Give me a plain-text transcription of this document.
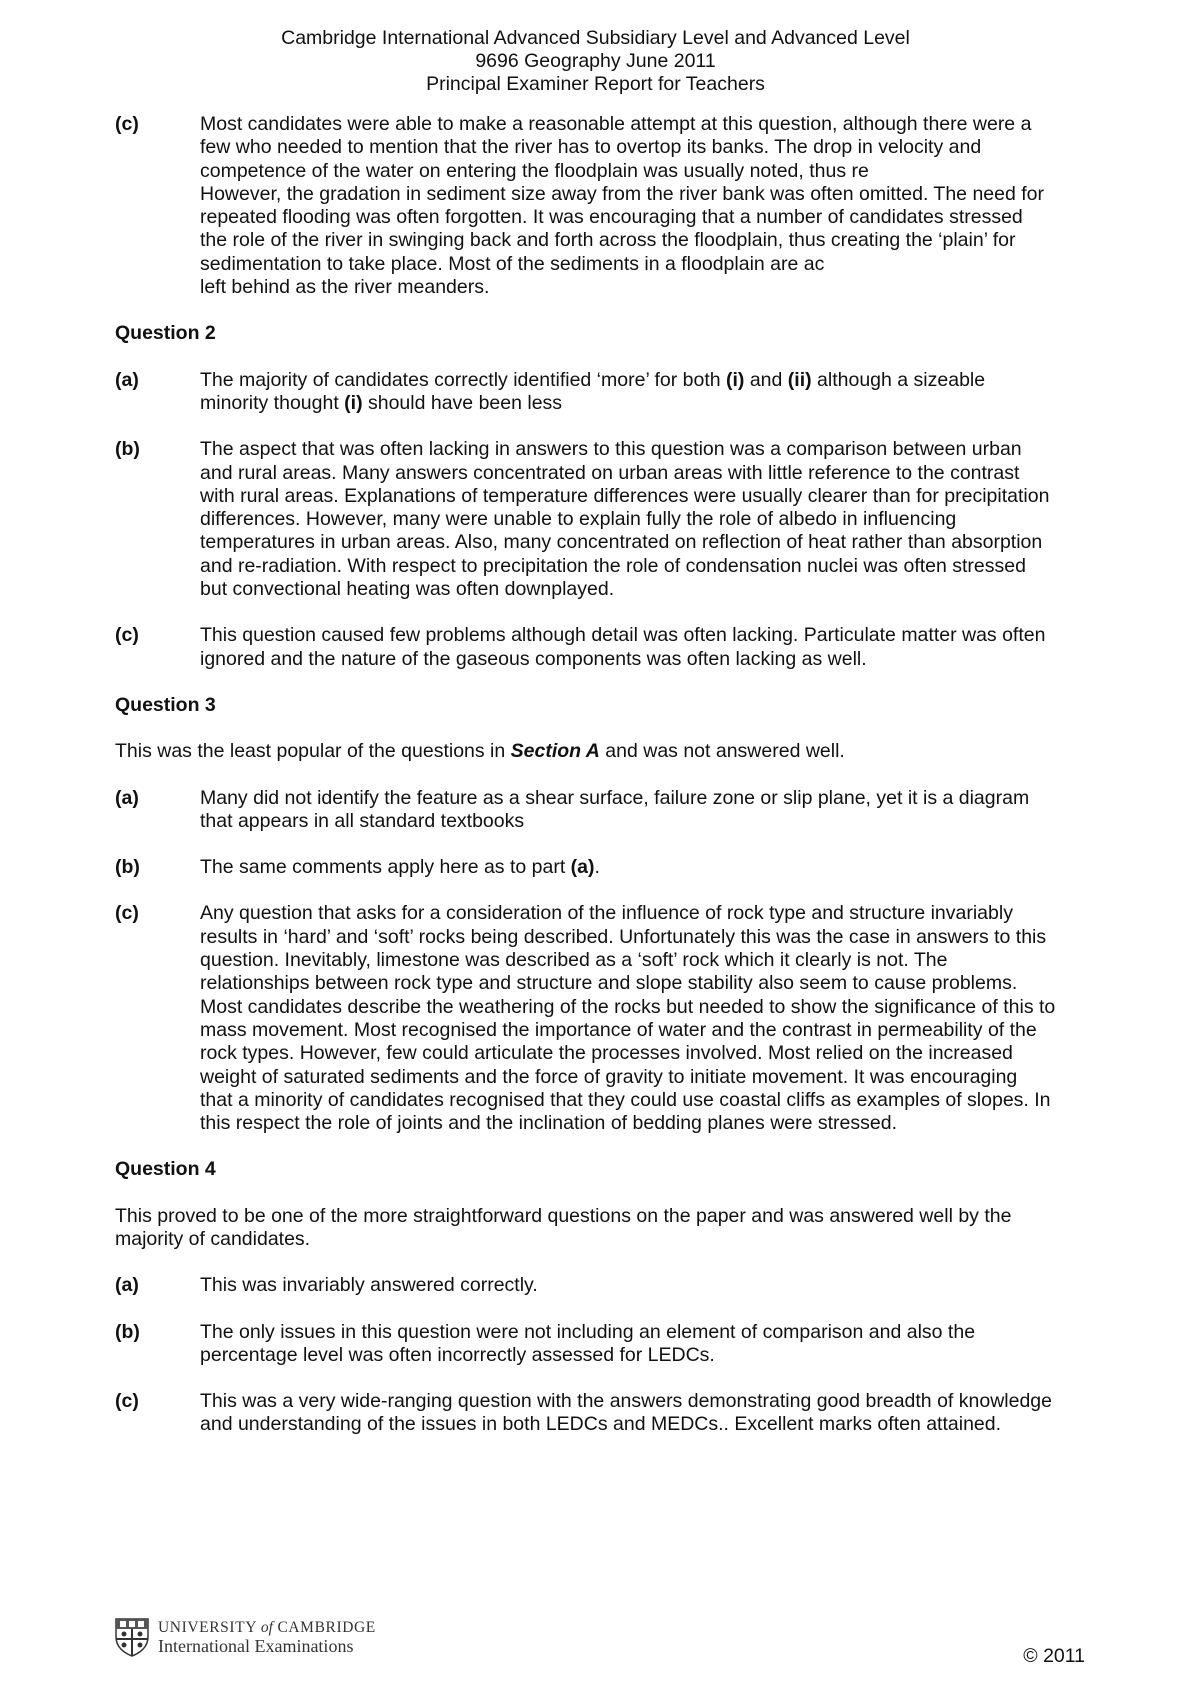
Cambridge International Advanced Subsidiary Level and Advanced Level
9696 Geography June 2011
Principal Examiner Report for Teachers
(c)	Most candidates were able to make a reasonable attempt at this question, although there were a
few who needed to mention that the river has to overtop its banks. The drop in velocity and
competence of the water on entering the floodplain was usually noted, thus re
However, the gradation in sediment size away from the river bank was often omitted. The need for
repeated flooding was often forgotten. It was encouraging that a number of candidates stressed
the role of the river in swinging back and forth across the floodplain, thus creating the ‘plain’ for
sedimentation to take place. Most of the sediments in a floodplain are ac
left behind as the river meanders.
Question 2
(a)	The majority of candidates correctly identified ‘more’ for both (i) and (ii) although a sizeable
minority thought (i) should have been less
(b)	The aspect that was often lacking in answers to this question was a comparison between urban
and rural areas. Many answers concentrated on urban areas with little reference to the contrast
with rural areas. Explanations of temperature differences were usually clearer than for precipitation
differences. However, many were unable to explain fully the role of albedo in influencing
temperatures in urban areas. Also, many concentrated on reflection of heat rather than absorption
and re-radiation. With respect to precipitation the role of condensation nuclei was often stressed
but convectional heating was often downplayed.
(c)	This question caused few problems although detail was often lacking. Particulate matter was often
ignored and the nature of the gaseous components was often lacking as well.
Question 3
This was the least popular of the questions in Section A and was not answered well.
(a)	Many did not identify the feature as a shear surface, failure zone or slip plane, yet it is a diagram
that appears in all standard textbooks
(b)	The same comments apply here as to part (a).
(c)	Any question that asks for a consideration of the influence of rock type and structure invariably
results in ‘hard’ and ‘soft’ rocks being described. Unfortunately this was the case in answers to this
question. Inevitably, limestone was described as a ‘soft’ rock which it clearly is not. The
relationships between rock type and structure and slope stability also seem to cause problems.
Most candidates describe the weathering of the rocks but needed to show the significance of this to
mass movement. Most recognised the importance of water and the contrast in permeability of the
rock types. However, few could articulate the processes involved. Most relied on the increased
weight of saturated sediments and the force of gravity to initiate movement. It was encouraging
that a minority of candidates recognised that they could use coastal cliffs as examples of slopes. In
this respect the role of joints and the inclination of bedding planes were stressed.
Question 4
This proved to be one of the more straightforward questions on the paper and was answered well by the
majority of candidates.
(a)	This was invariably answered correctly.
(b)	The only issues in this question were not including an element of comparison and also the
percentage level was often incorrectly assessed for LEDCs.
(c)	This was a very wide-ranging question with the answers demonstrating good breadth of knowledge
and understanding of the issues in both LEDCs and MEDCs.. Excellent marks often attained.
UNIVERSITY of CAMBRIDGE
International Examinations	© 2011
